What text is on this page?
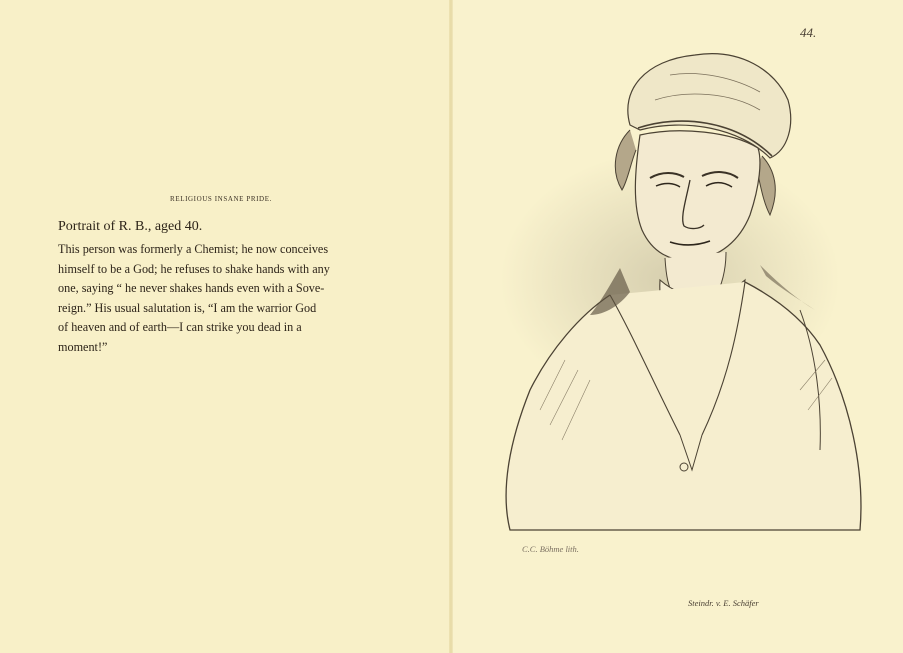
RELIGIOUS INSANE PRIDE.
Portrait of R. B., aged 40.
This person was formerly a Chemist; he now conceives
himself to be a God; he refuses to shake hands with any
one, saying “ he never shakes hands even with a Sove-
reign.” His usual salutation is, “I am the warrior God
of heaven and of earth—I can strike you dead in a
moment!”
44.
C.C. Böhme lith.
Steindr. v. E. Schäfer
